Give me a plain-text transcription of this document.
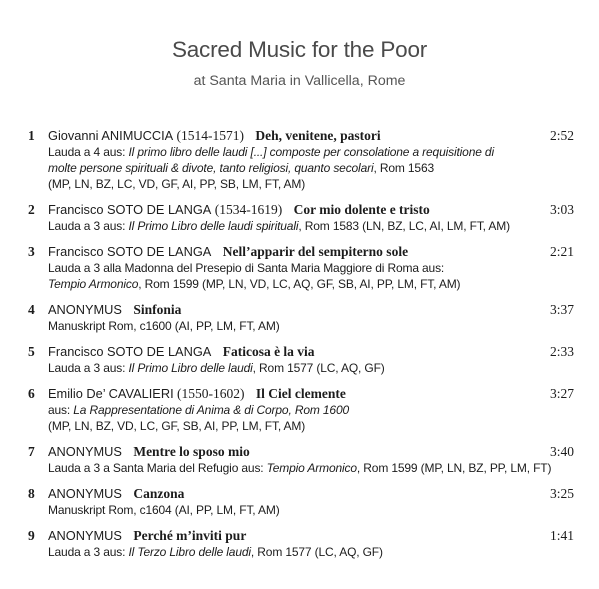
Sacred Music for the Poor
at Santa Maria in Vallicella, Rome
1 Giovanni ANIMUCCIA (1514-1571) Deh, venitene, pastori	2:52
Lauda a 4 aus: Il primo libro delle laudi [...] composte per consolatione a requisitione di
molte persone spirituali & divote, tanto religiosi, quanto secolari, Rom 1563
(MP, LN, BZ, LC, VD, GF, AI, PP, SB, LM, FT, AM)
2 Francisco SOTO DE LANGA (1534-1619) Cor mio dolente e tristo	3:03
Lauda a 3 aus: Il Primo Libro delle laudi spirituali, Rom 1583 (LN, BZ, LC, AI, LM, FT, AM)
3 Francisco SOTO DE LANGA Nell’apparir del sempiterno sole	2:21
Lauda a 3 alla Madonna del Presepio di Santa Maria Maggiore di Roma aus:
Tempio Armonico, Rom 1599 (MP, LN, VD, LC, AQ, GF, SB, AI, PP, LM, FT, AM)
4 ANONYMUS Sinfonia	3:37
Manuskript Rom, c1600 (AI, PP, LM, FT, AM)
5 Francisco SOTO DE LANGA Faticosa è la via	2:33
Lauda a 3 aus: Il Primo Libro delle laudi, Rom 1577 (LC, AQ, GF)
6 Emilio De’ CAVALIERI (1550-1602) Il Ciel clemente	3:27
aus: La Rappresentatione di Anima & di Corpo, Rom 1600
(MP, LN, BZ, VD, LC, GF, SB, AI, PP, LM, FT, AM)
7 ANONYMUS Mentre lo sposo mio	3:40
Lauda a 3 a Santa Maria del Refugio aus: Tempio Armonico, Rom 1599 (MP, LN, BZ, PP, LM, FT)
8 ANONYMUS Canzona	3:25
Manuskript Rom, c1604 (AI, PP, LM, FT, AM)
9 ANONYMUS Perché m’inviti pur	1:41
Lauda a 3 aus: Il Terzo Libro delle laudi, Rom 1577 (LC, AQ, GF)
